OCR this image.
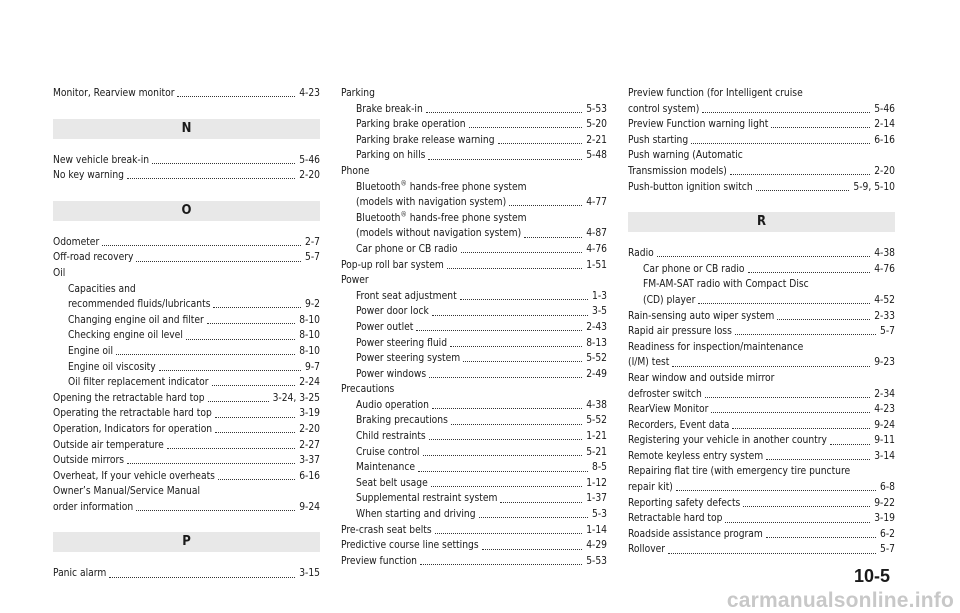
Monitor, Rearview monitor	4-23
N
New vehicle break-in	5-46
No key warning	2-20
O
Odometer	2-7
Off-road recovery	5-7
Oil
Capacities and
recommended fluids/lubricants	9-2
Changing engine oil and filter	8-10
Checking engine oil level	8-10
Engine oil	8-10
Engine oil viscosity	9-7
Oil filter replacement indicator	2-24
Opening the retractable hard top	3-24, 3-25
Operating the retractable hard top	3-19
Operation, Indicators for operation	2-20
Outside air temperature	2-27
Outside mirrors	3-37
Overheat, If your vehicle overheats	6-16
Owner’s Manual/Service Manual
order information	9-24
P
Panic alarm	3-15
Parking
Brake break-in	5-53
Parking brake operation	5-20
Parking brake release warning	2-21
Parking on hills	5-48
Phone
Bluetooth® hands-free phone system
(models with navigation system)	4-77
Bluetooth® hands-free phone system
(models without navigation system)	4-87
Car phone or CB radio	4-76
Pop-up roll bar system	1-51
Power
Front seat adjustment	1-3
Power door lock	3-5
Power outlet	2-43
Power steering fluid	8-13
Power steering system	5-52
Power windows	2-49
Precautions
Audio operation	4-38
Braking precautions	5-52
Child restraints	1-21
Cruise control	5-21
Maintenance	8-5
Seat belt usage	1-12
Supplemental restraint system	1-37
When starting and driving	5-3
Pre-crash seat belts	1-14
Predictive course line settings	4-29
Preview function	5-53
Preview function (for Intelligent cruise
control system)	5-46
Preview Function warning light	2-14
Push starting	6-16
Push warning (Automatic
Transmission models)	2-20
Push-button ignition switch	5-9, 5-10
R
Radio	4-38
Car phone or CB radio	4-76
FM-AM-SAT radio with Compact Disc
(CD) player	4-52
Rain-sensing auto wiper system	2-33
Rapid air pressure loss	5-7
Readiness for inspection/maintenance
(I/M) test	9-23
Rear window and outside mirror
defroster switch	2-34
RearView Monitor	4-23
Recorders, Event data	9-24
Registering your vehicle in another country	9-11
Remote keyless entry system	3-14
Repairing flat tire (with emergency tire puncture
repair kit)	6-8
Reporting safety defects	9-22
Retractable hard top	3-19
Roadside assistance program	6-2
Rollover	5-7
10-5
carmanualsonline.info
